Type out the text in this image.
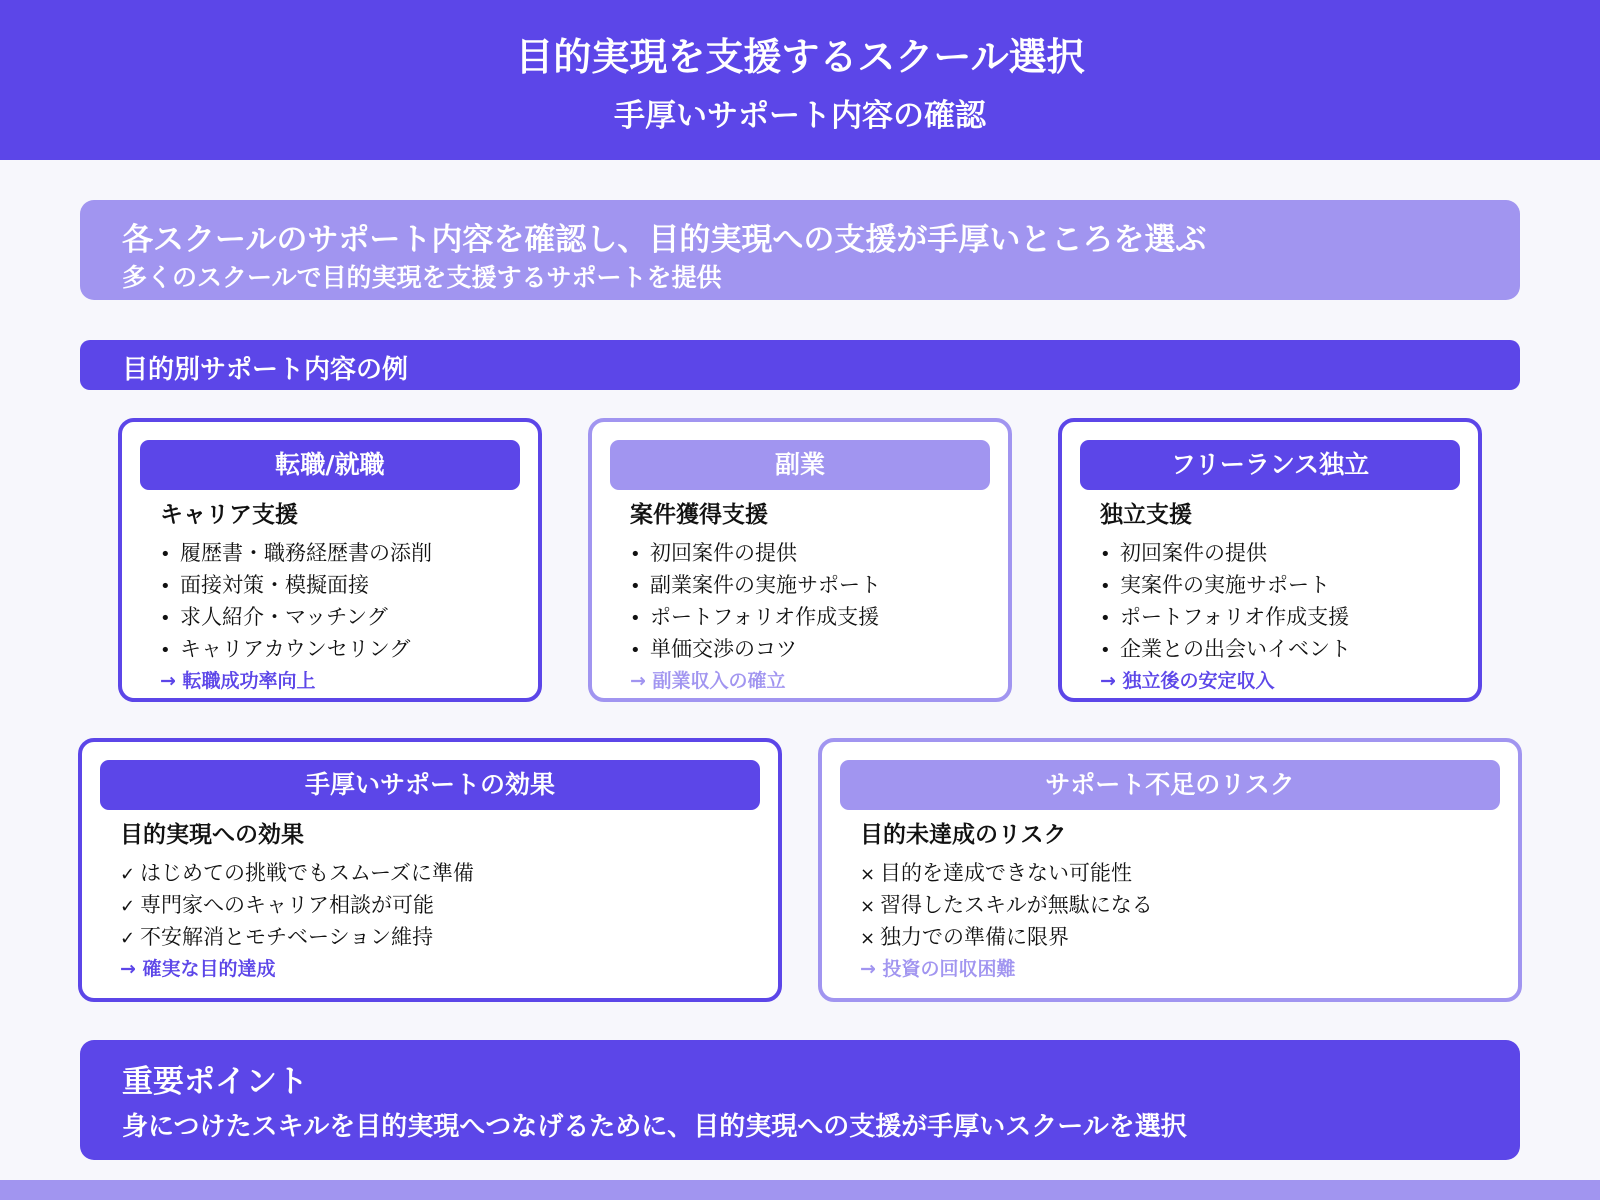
目的実現を支援するスクール選択
手厚いサポート内容の確認
各スクールのサポート内容を確認し、目的実現への支援が手厚いところを選ぶ
多くのスクールで目的実現を支援するサポートを提供
目的別サポート内容の例
転職/就職
キャリア支援
• 履歴書・職務経歴書の添削
• 面接対策・模擬面接
• 求人紹介・マッチング
• キャリアカウンセリング
→ 転職成功率向上
副業
案件獲得支援
• 初回案件の提供
• 副業案件の実施サポート
• ポートフォリオ作成支援
• 単価交渉のコツ
→ 副業収入の確立
フリーランス独立
独立支援
• 初回案件の提供
• 実案件の実施サポート
• ポートフォリオ作成支援
• 企業との出会いイベント
→ 独立後の安定収入
手厚いサポートの効果
目的実現への効果
✓ はじめての挑戦でもスムーズに準備
✓ 専門家へのキャリア相談が可能
✓ 不安解消とモチベーション維持
→ 確実な目的達成
サポート不足のリスク
目的未達成のリスク
× 目的を達成できない可能性
× 習得したスキルが無駄になる
× 独力での準備に限界
→ 投資の回収困難
重要ポイント
身につけたスキルを目的実現へつなげるために、目的実現への支援が手厚いスクールを選択
